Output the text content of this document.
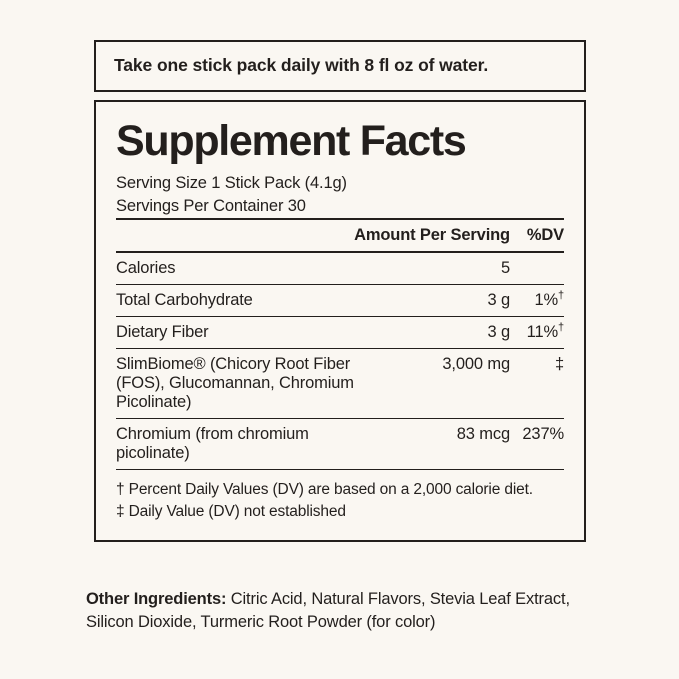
Take one stick pack daily with 8 fl oz of water.
Supplement Facts
Serving Size 1 Stick Pack (4.1g)
Servings Per Container 30
	Amount Per Serving	%DV
Calories	5	
Total Carbohydrate	3 g	1%†
Dietary Fiber	3 g	11%†
SlimBiome® (Chicory Root Fiber (FOS), Glucomannan, Chromium Picolinate)	3,000 mg	‡
Chromium (from chromium picolinate)	83 mcg	237%
† Percent Daily Values (DV) are based on a 2,000 calorie diet.
‡ Daily Value (DV) not established
Other Ingredients: Citric Acid, Natural Flavors, Stevia Leaf Extract, Silicon Dioxide, Turmeric Root Powder (for color)
